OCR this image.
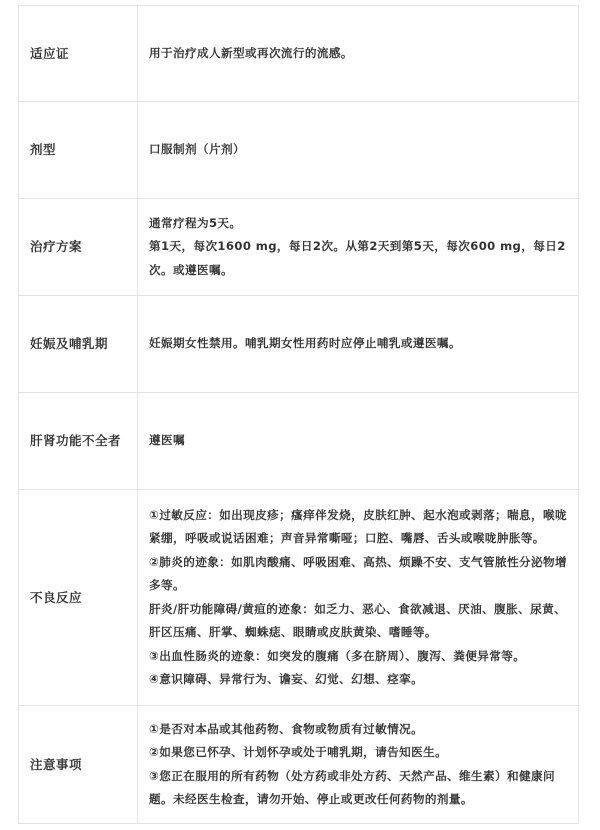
适应证	用于治疗成人新型或再次流行的流感。

剂型	口服制剂（片剂）

治疗方案	通常疗程为5天。
第1天，每次1600 mg，每日2次。从第2天到第5天，每次600 mg，每日2次。或遵医嘱。

妊娠及哺乳期	妊娠期女性禁用。哺乳期女性用药时应停止哺乳或遵医嘱。

肝肾功能不全者	遵医嘱

不良反应	①过敏反应：如出现皮疹；瘙痒伴发烧，皮肤红肿、起水泡或剥落；喘息，喉咙紧绷，呼吸或说话困难；声音异常嘶哑；口腔、嘴唇、舌头或喉咙肿胀等。
②肺炎的迹象：如肌肉酸痛、呼吸困难、高热、烦躁不安、支气管脓性分泌物增多等。
肝炎/肝功能障碍/黄疸的迹象：如乏力、恶心、食欲减退、厌油、腹胀、尿黄、肝区压痛、肝掌、蜘蛛痣、眼睛或皮肤黄染、嗜睡等。
③出血性肠炎的迹象：如突发的腹痛（多在脐周）、腹泻、粪便异常等。
④意识障碍、异常行为、谵妄、幻觉、幻想、痉挛。

注意事项	①是否对本品或其他药物、食物或物质有过敏情况。
②如果您已怀孕、计划怀孕或处于哺乳期，请告知医生。
③您正在服用的所有药物（处方药或非处方药、天然产品、维生素）和健康问题。未经医生检查，请勿开始、停止或更改任何药物的剂量。
